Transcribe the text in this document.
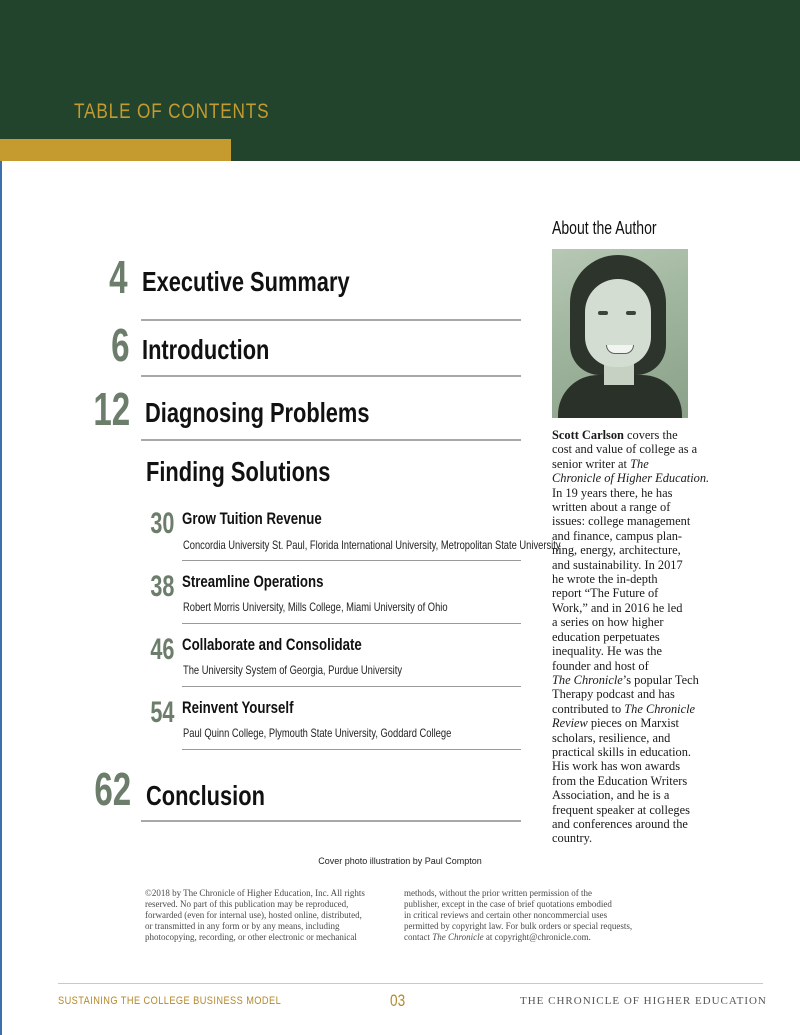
TABLE OF CONTENTS
4 Executive Summary
6 Introduction
12 Diagnosing Problems
Finding Solutions
30 Grow Tuition Revenue
Concordia University St. Paul, Florida International University, Metropolitan State University
38 Streamline Operations
Robert Morris University, Mills College, Miami University of Ohio
46 Collaborate and Consolidate
The University System of Georgia, Purdue University
54 Reinvent Yourself
Paul Quinn College, Plymouth State University, Goddard College
62 Conclusion
About the Author
Scott Carlson covers the
cost and value of college as a
senior writer at The
Chronicle of Higher Education.
In 19 years there, he has
written about a range of
issues: college management
and finance, campus plan-
ning, energy, architecture,
and sustainability. In 2017
he wrote the in-depth
report “The Future of
Work,” and in 2016 he led
a series on how higher
education perpetuates
inequality. He was the
founder and host of
The Chronicle’s popular Tech
Therapy podcast and has
contributed to The Chronicle
Review pieces on Marxist
scholars, resilience, and
practical skills in education.
His work has won awards
from the Education Writers
Association, and he is a
frequent speaker at colleges
and conferences around the
country.
Cover photo illustration by Paul Compton
©2018 by The Chronicle of Higher Education, Inc. All rights
reserved. No part of this publication may be reproduced,
forwarded (even for internal use), hosted online, distributed,
or transmitted in any form or by any means, including
photocopying, recording, or other electronic or mechanical
methods, without the prior written permission of the
publisher, except in the case of brief quotations embodied
in critical reviews and certain other noncommercial uses
permitted by copyright law. For bulk orders or special requests,
contact The Chronicle at copyright@chronicle.com.
SUSTAINING THE COLLEGE BUSINESS MODEL	03	THE CHRONICLE OF HIGHER EDUCATION
